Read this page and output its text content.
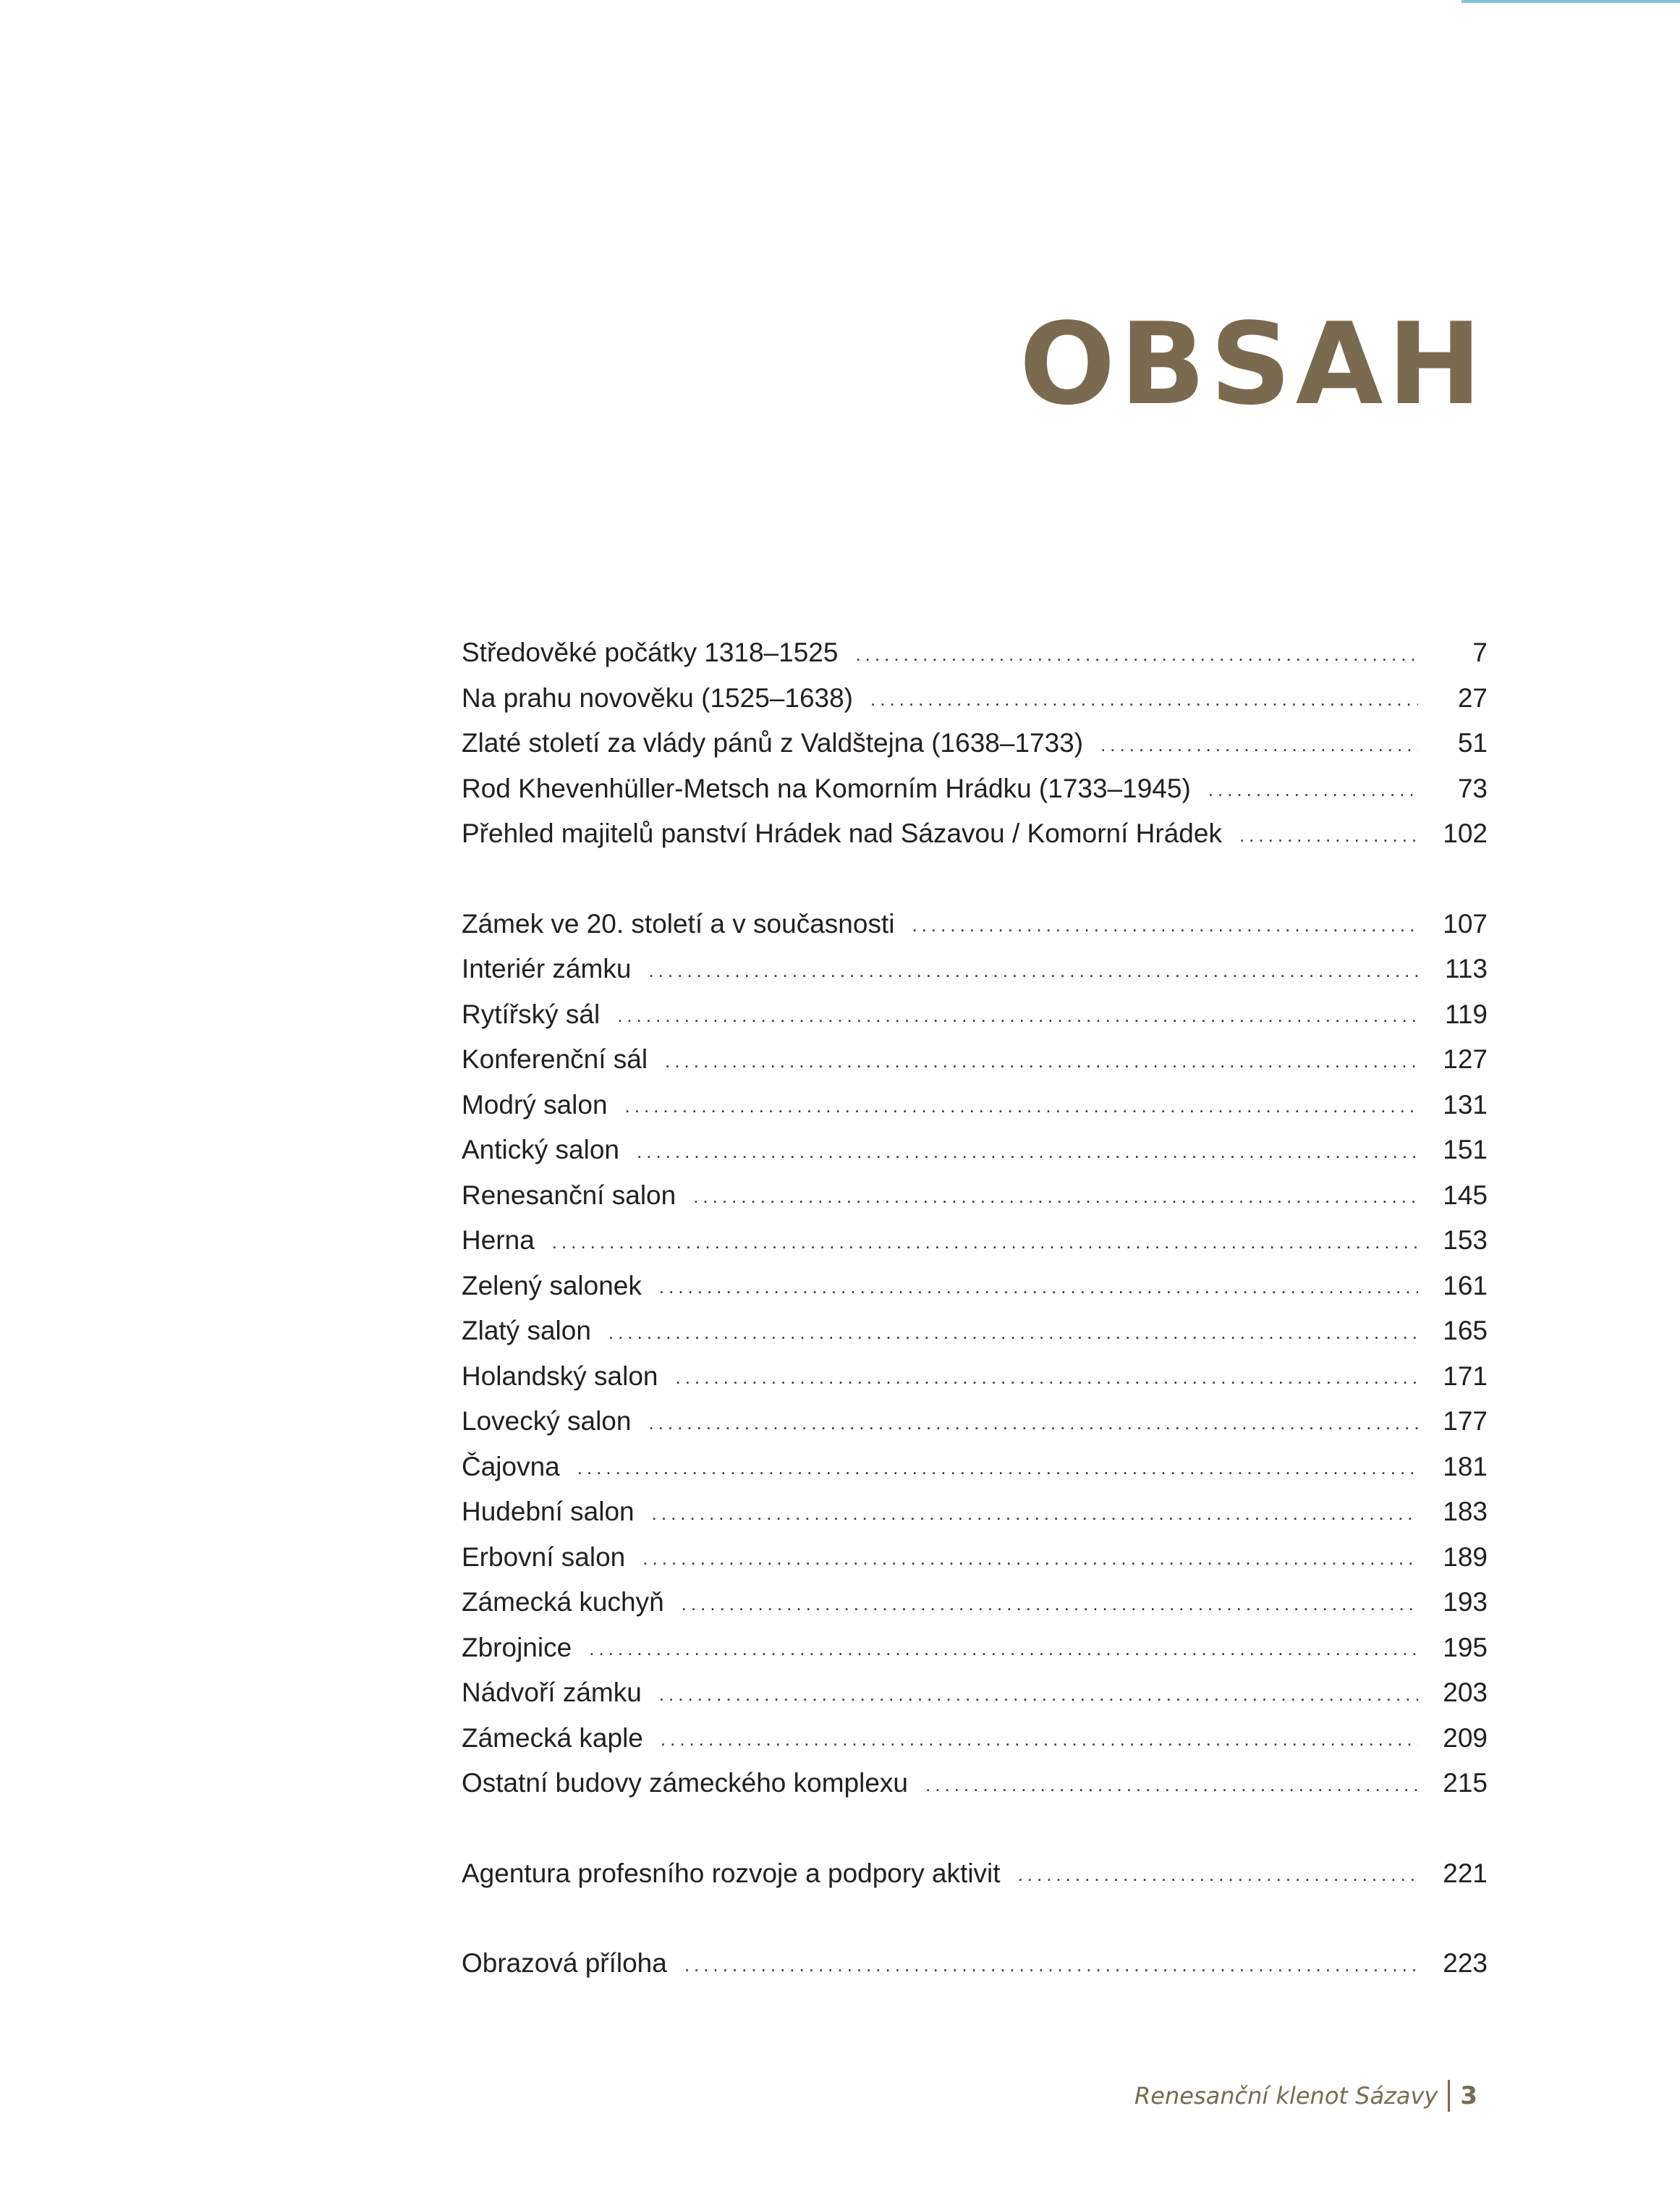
OBSAH
Středověké počátky 1318–1525 .....	7
Na prahu novověku (1525–1638) .....	27
Zlaté století za vlády pánů z Valdštejna (1638–1733) .....	51
Rod Khevenhüller-Metsch na Komorním Hrádku (1733–1945) .....	73
Přehled majitelů panství Hrádek nad Sázavou / Komorní Hrádek .....	102
Zámek ve 20. století a v současnosti .....	107
Interiér zámku .....	113
Rytířský sál .....	119
Konferenční sál .....	127
Modrý salon .....	131
Antický salon .....	151
Renesanční salon .....	145
Herna .....	153
Zelený salonek .....	161
Zlatý salon .....	165
Holandský salon .....	171
Lovecký salon .....	177
Čajovna .....	181
Hudební salon .....	183
Erbovní salon .....	189
Zámecká kuchyň .....	193
Zbrojnice .....	195
Nádvoří zámku .....	203
Zámecká kaple .....	209
Ostatní budovy zámeckého komplexu .....	215
Agentura profesního rozvoje a podpory aktivit .....	221
Obrazová příloha .....	223
Renesanční klenot Sázavy 3
